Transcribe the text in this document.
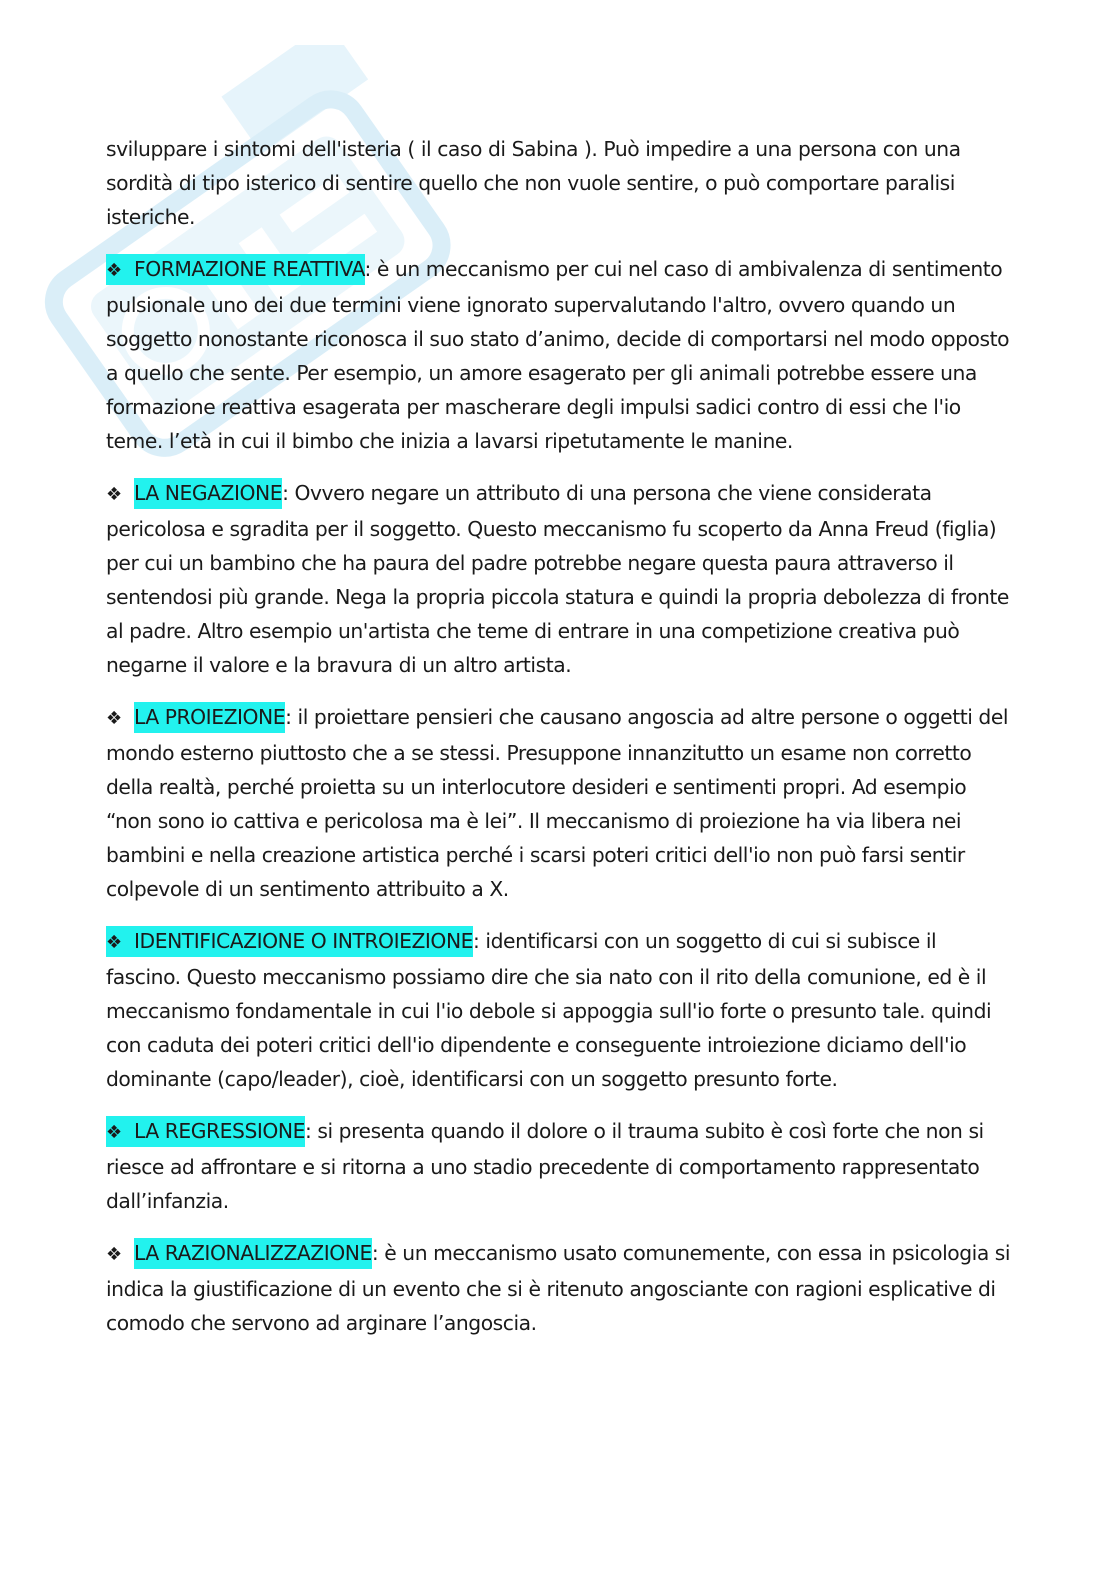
sviluppare i sintomi dell'isteria ( il caso di Sabina ). Può impedire a una persona con una sordità di tipo isterico di sentire quello che non vuole sentire, o può comportare paralisi isteriche.

❖ FORMAZIONE REATTIVA: è un meccanismo per cui nel caso di ambivalenza di sentimento pulsionale uno dei due termini viene ignorato supervalutando l'altro, ovvero quando un soggetto nonostante riconosca il suo stato d’animo, decide di comportarsi nel modo opposto a quello che sente. Per esempio, un amore esagerato per gli animali potrebbe essere una formazione reattiva esagerata per mascherare degli impulsi sadici contro di essi che l'io teme. l’età in cui il bimbo che inizia a lavarsi ripetutamente le manine.

❖ LA NEGAZIONE: Ovvero negare un attributo di una persona che viene considerata pericolosa e sgradita per il soggetto. Questo meccanismo fu scoperto da Anna Freud (figlia) per cui un bambino che ha paura del padre potrebbe negare questa paura attraverso il sentendosi più grande. Nega la propria piccola statura e quindi la propria debolezza di fronte al padre. Altro esempio un'artista che teme di entrare in una competizione creativa può negarne il valore e la bravura di un altro artista.

❖ LA PROIEZIONE: il proiettare pensieri che causano angoscia ad altre persone o oggetti del mondo esterno piuttosto che a se stessi. Presuppone innanzitutto un esame non corretto della realtà, perché proietta su un interlocutore desideri e sentimenti propri. Ad esempio “non sono io cattiva e pericolosa ma è lei”. Il meccanismo di proiezione ha via libera nei bambini e nella creazione artistica perché i scarsi poteri critici dell'io non può farsi sentir colpevole di un sentimento attribuito a X.

❖ IDENTIFICAZIONE O INTROIEZIONE: identificarsi con un soggetto di cui si subisce il fascino. Questo meccanismo possiamo dire che sia nato con il rito della comunione, ed è il meccanismo fondamentale in cui l'io debole si appoggia sull'io forte o presunto tale. quindi con caduta dei poteri critici dell'io dipendente e conseguente introiezione diciamo dell'io dominante (capo/leader), cioè, identificarsi con un soggetto presunto forte.

❖ LA REGRESSIONE: si presenta quando il dolore o il trauma subito è così forte che non si riesce ad affrontare e si ritorna a uno stadio precedente di comportamento rappresentato dall’infanzia.

❖ LA RAZIONALIZZAZIONE: è un meccanismo usato comunemente, con essa in psicologia si indica la giustificazione di un evento che si è ritenuto angosciante con ragioni esplicative di comodo che servono ad arginare l’angoscia.
